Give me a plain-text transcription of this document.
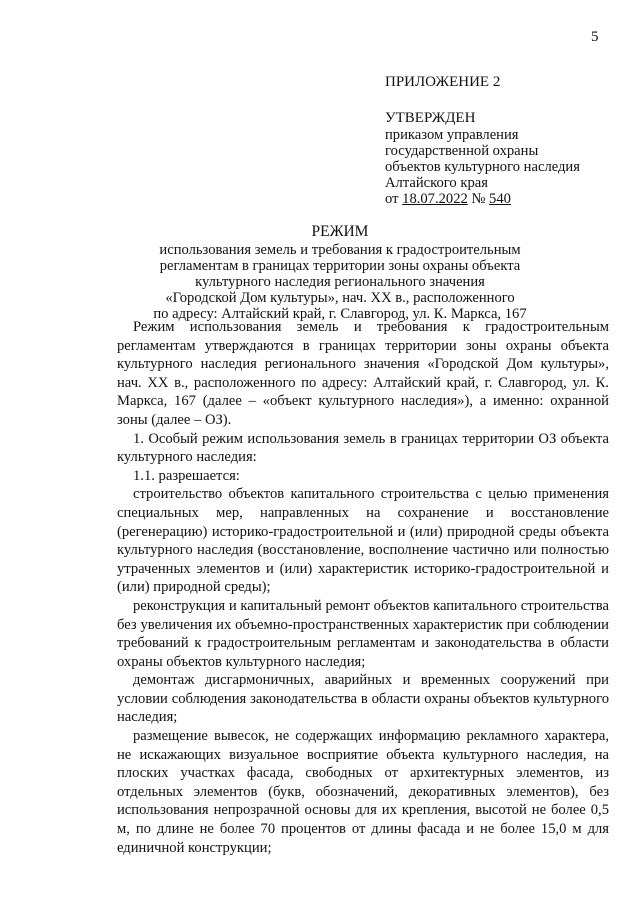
5
ПРИЛОЖЕНИЕ 2
УТВЕРЖДЕН
приказом управления
государственной охраны
объектов культурного наследия
Алтайского края
от 18.07.2022 № 540
РЕЖИМ
использования земель и требования к градостроительным
регламентам в границах территории зоны охраны объекта
культурного наследия регионального значения
«Городской Дом культуры», нач. XX в., расположенного
по адресу: Алтайский край, г. Славгород, ул. К. Маркса, 167

Режим использования земель и требования к градостроительным регламентам утверждаются в границах территории зоны охраны объекта культурного наследия регионального значения «Городской Дом культуры», нач. XX в., расположенного по адресу: Алтайский край, г. Славгород, ул. К. Маркса, 167 (далее – «объект культурного наследия»), а именно: охранной зоны (далее – ОЗ).

1. Особый режим использования земель в границах территории ОЗ объекта культурного наследия:

1.1. разрешается:

строительство объектов капитального строительства с целью применения специальных мер, направленных на сохранение и восстановление (регенерацию) историко-градостроительной и (или) природной среды объекта культурного наследия (восстановление, восполнение частично или полностью утраченных элементов и (или) характеристик историко-градостроительной и (или) природной среды);

реконструкция и капитальный ремонт объектов капитального строительства без увеличения их объемно-пространственных характеристик при соблюдении требований к градостроительным регламентам и законодательства в области охраны объектов культурного наследия;

демонтаж дисгармоничных, аварийных и временных сооружений при условии соблюдения законодательства в области охраны объектов культурного наследия;

размещение вывесок, не содержащих информацию рекламного характера, не искажающих визуальное восприятие объекта культурного наследия, на плоских участках фасада, свободных от архитектурных элементов, из отдельных элементов (букв, обозначений, декоративных элементов), без использования непрозрачной основы для их крепления, высотой не более 0,5 м, по длине не более 70 процентов от длины фасада и не более 15,0 м для единичной конструкции;
